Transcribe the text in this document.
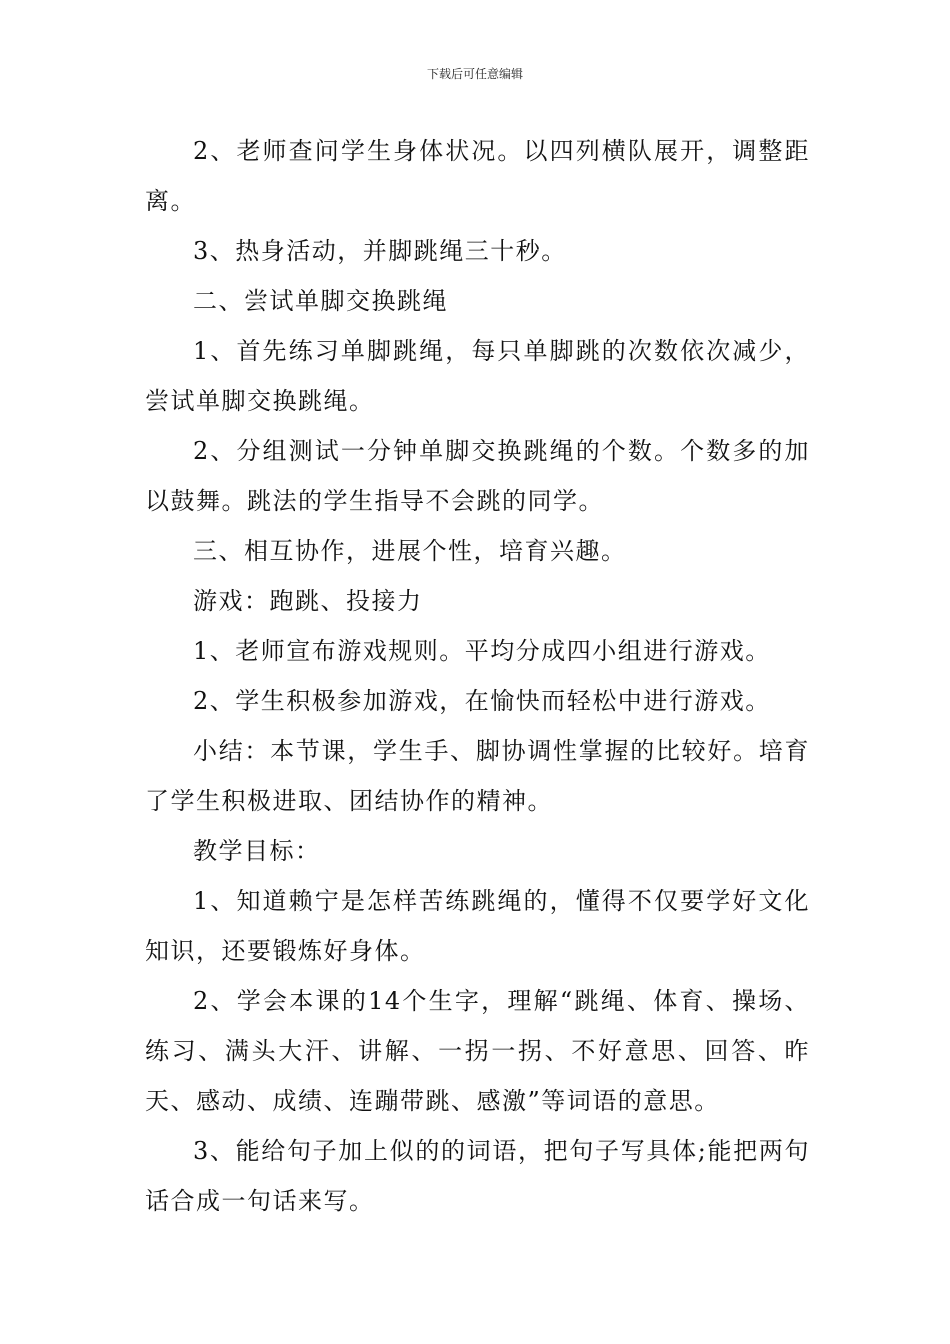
下载后可任意编辑

2、老师查问学生身体状况。以四列横队展开，调整距离。

3、热身活动，并脚跳绳三十秒。

二、尝试单脚交换跳绳

1、首先练习单脚跳绳，每只单脚跳的次数依次减少，尝试单脚交换跳绳。

2、分组测试一分钟单脚交换跳绳的个数。个数多的加以鼓舞。跳法的学生指导不会跳的同学。

三、相互协作，进展个性，培育兴趣。

游戏：跑跳、投接力

1、老师宣布游戏规则。平均分成四小组进行游戏。

2、学生积极参加游戏，在愉快而轻松中进行游戏。

小结：本节课，学生手、脚协调性掌握的比较好。培育了学生积极进取、团结协作的精神。

教学目标：

1、知道赖宁是怎样苦练跳绳的，懂得不仅要学好文化知识，还要锻炼好身体。

2、学会本课的14个生字，理解“跳绳、体育、操场、练习、满头大汗、讲解、一拐一拐、不好意思、回答、昨天、感动、成绩、连蹦带跳、感激”等词语的意思。

3、能给句子加上似的的词语，把句子写具体;能把两句话合成一句话来写。
